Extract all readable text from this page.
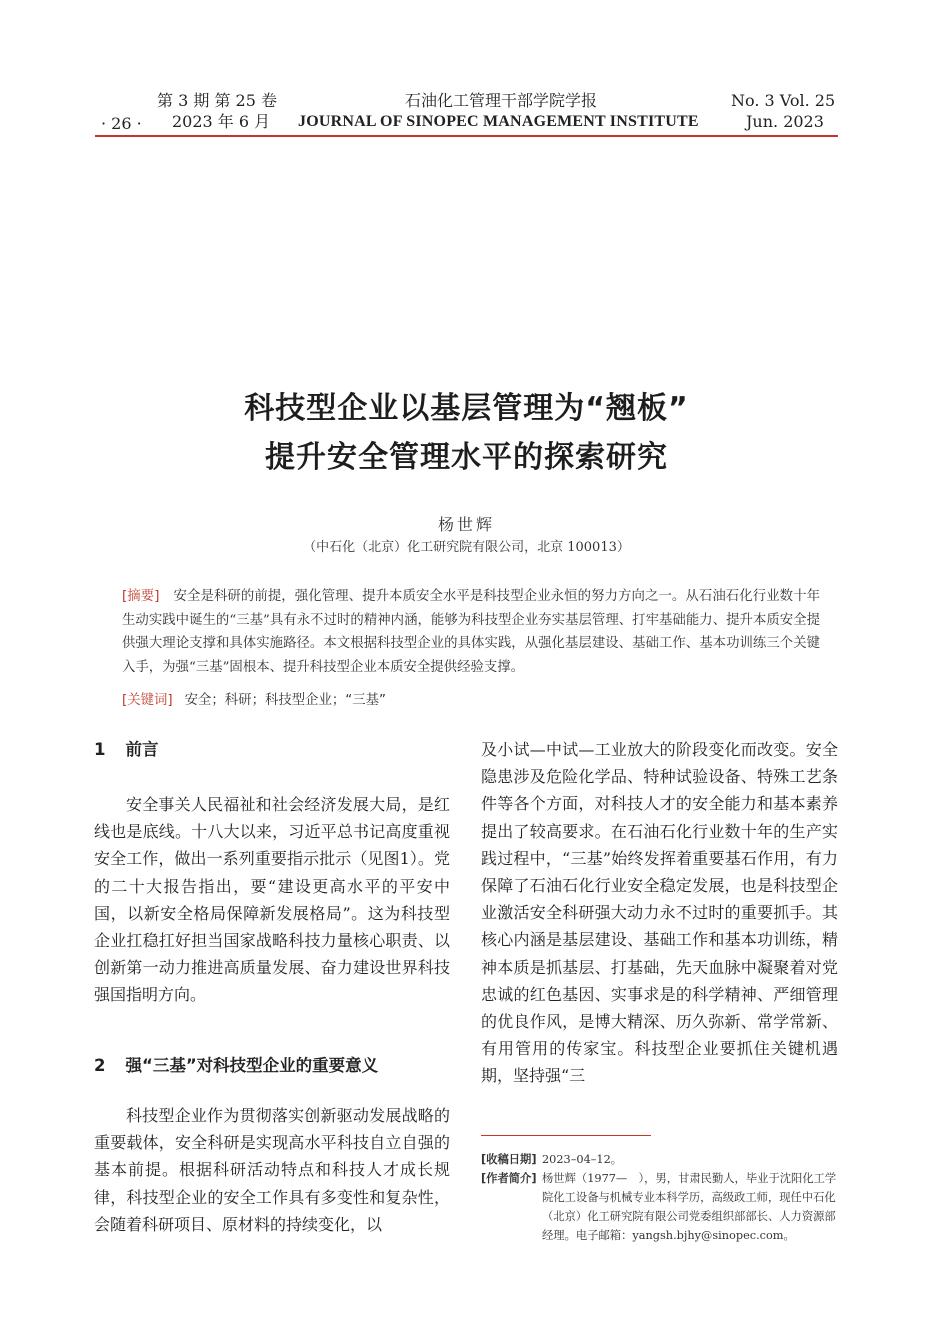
第 3 期 第 25 卷
· 26 · 2023 年 6 月
石油化工管理干部学院学报
JOURNAL OF SINOPEC MANAGEMENT INSTITUTE
No. 3 Vol. 25
Jun. 2023
科技型企业以基层管理为“翘板”
提升安全管理水平的探索研究
杨世辉
（中石化（北京）化工研究院有限公司，北京 100013）
[摘要] 安全是科研的前提，强化管理、提升本质安全水平是科技型企业永恒的努力方向之一。从石油石化行业数十年生动实践中诞生的“三基”具有永不过时的精神内涵，能够为科技型企业夯实基层管理、打牢基础能力、提升本质安全提供强大理论支撑和具体实施路径。本文根据科技型企业的具体实践，从强化基层建设、基础工作、基本功训练三个关键入手，为强“三基”固根本、提升科技型企业本质安全提供经验支撑。
[关键词] 安全；科研；科技型企业；“三基”
1 前言
安全事关人民福祉和社会经济发展大局，是红线也是底线。十八大以来，习近平总书记高度重视安全工作，做出一系列重要指示批示（见图1）。党的二十大报告指出，要“建设更高水平的平安中国，以新安全格局保障新发展格局”。这为科技型企业扛稳扛好担当国家战略科技力量核心职责、以创新第一动力推进高质量发展、奋力建设世界科技强国指明方向。
2 强“三基”对科技型企业的重要意义
科技型企业作为贯彻落实创新驱动发展战略的重要载体，安全科研是实现高水平科技自立自强的基本前提。根据科研活动特点和科技人才成长规律，科技型企业的安全工作具有多变性和复杂性，会随着科研项目、原材料的持续变化，以
及小试—中试—工业放大的阶段变化而改变。安全隐患涉及危险化学品、特种试验设备、特殊工艺条件等各个方面，对科技人才的安全能力和基本素养提出了较高要求。在石油石化行业数十年的生产实践过程中，“三基”始终发挥着重要基石作用，有力保障了石油石化行业安全稳定发展，也是科技型企业激活安全科研强大动力永不过时的重要抓手。其核心内涵是基层建设、基础工作和基本功训练，精神本质是抓基层、打基础，先天血脉中凝聚着对党忠诚的红色基因、实事求是的科学精神、严细管理的优良作风，是博大精深、历久弥新、常学常新、有用管用的传家宝。科技型企业要抓住关键机遇期，坚持强“三
[收稿日期] 2023–04–12。
[作者简介] 杨世辉（1977—　），男，甘肃民勤人，毕业于沈阳化工学院化工设备与机械专业本科学历，高级政工师，现任中石化（北京）化工研究院有限公司党委组织部部长、人力资源部经理。电子邮箱：yangsh.bjhy@sinopec.com。
